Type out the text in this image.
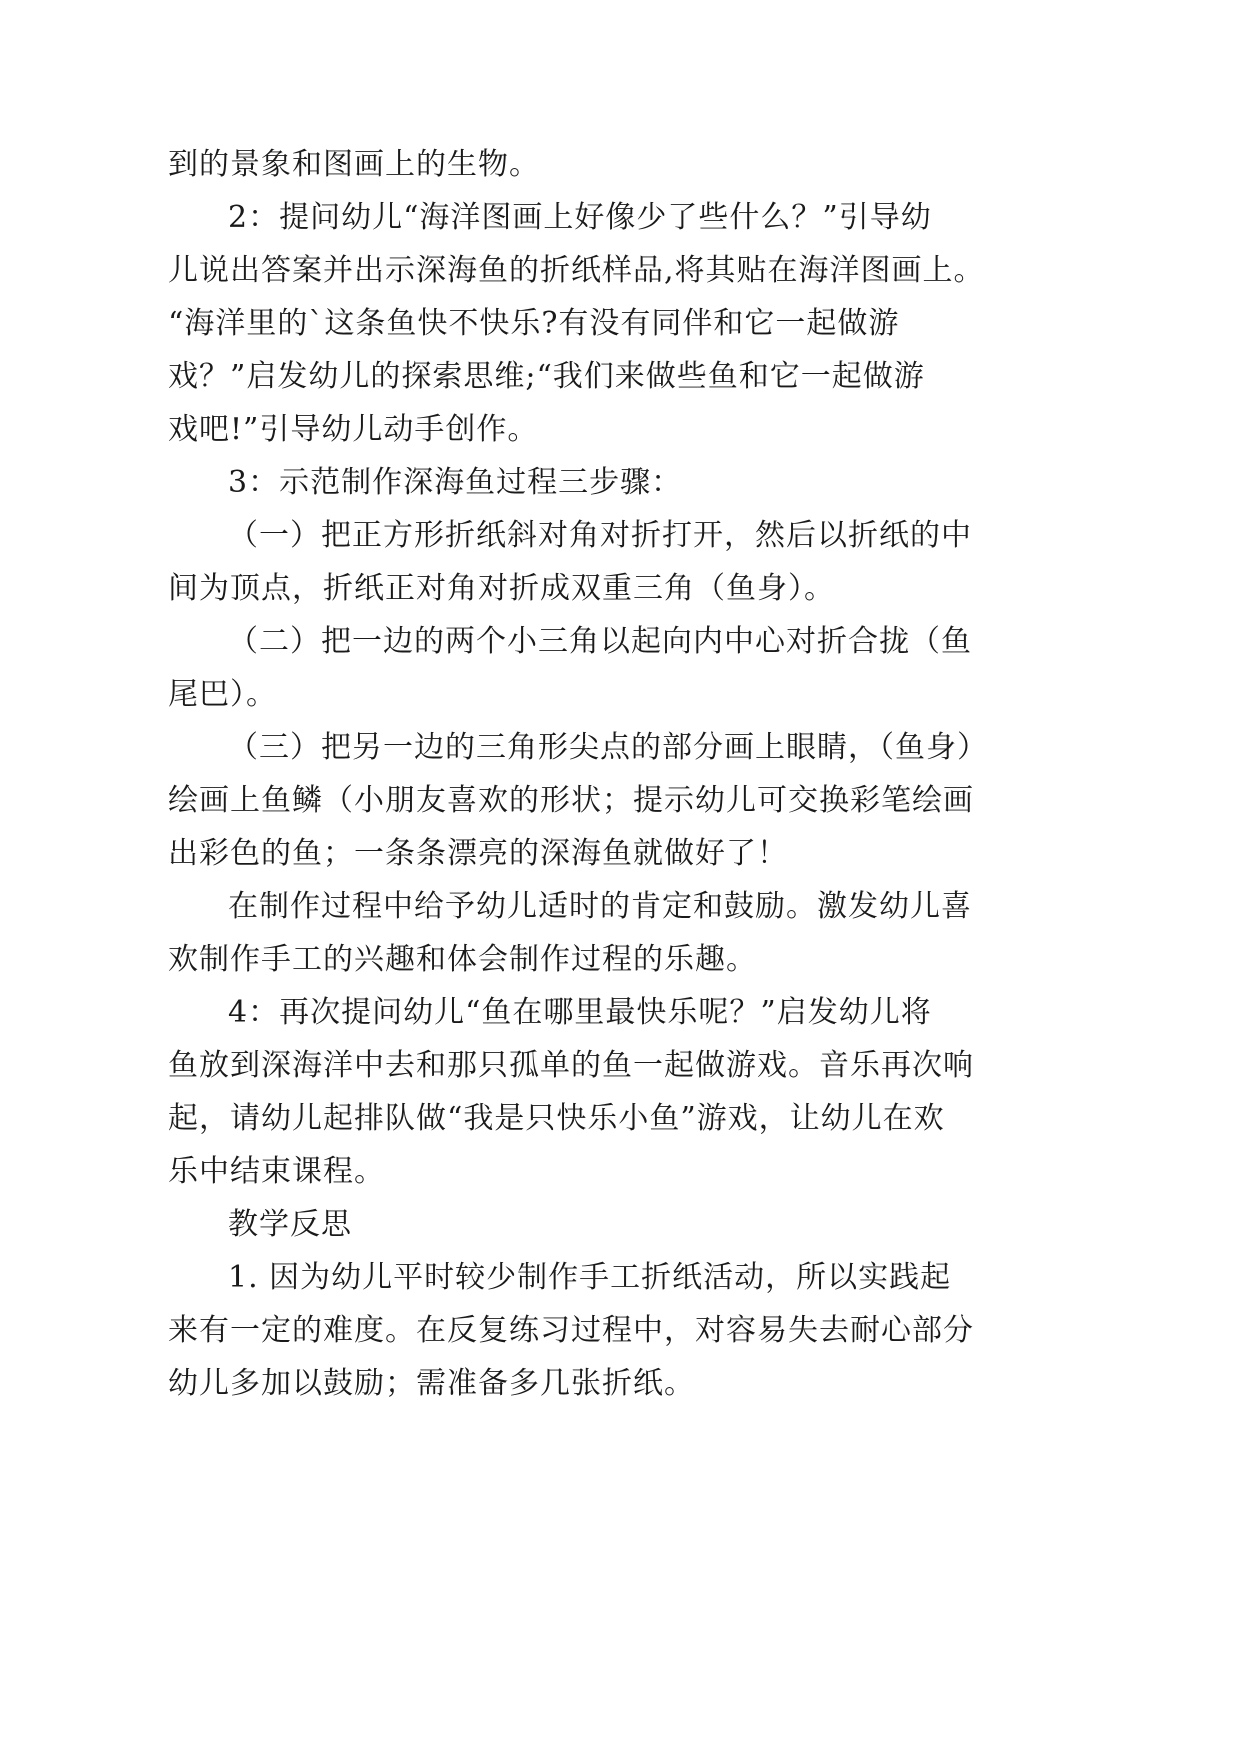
到的景象和图画上的生物。

2：提问幼儿“海洋图画上好像少了些什么？”引导幼

儿说出答案并出示深海鱼的折纸样品,将其贴在海洋图画上。

“海洋里的`这条鱼快不快乐?有没有同伴和它一起做游

戏？”启发幼儿的探索思维;“我们来做些鱼和它一起做游

戏吧!”引导幼儿动手创作。

3：示范制作深海鱼过程三步骤：

（一）把正方形折纸斜对角对折打开，然后以折纸的中

间为顶点，折纸正对角对折成双重三角（鱼身）。

（二）把一边的两个小三角以起向内中心对折合拢（鱼

尾巴）。

（三）把另一边的三角形尖点的部分画上眼睛，（鱼身）

绘画上鱼鳞（小朋友喜欢的形状；提示幼儿可交换彩笔绘画

出彩色的鱼；一条条漂亮的深海鱼就做好了！

在制作过程中给予幼儿适时的肯定和鼓励。激发幼儿喜

欢制作手工的兴趣和体会制作过程的乐趣。

4：再次提问幼儿“鱼在哪里最快乐呢？”启发幼儿将

鱼放到深海洋中去和那只孤单的鱼一起做游戏。音乐再次响

起，请幼儿起排队做“我是只快乐小鱼”游戏，让幼儿在欢

乐中结束课程。

教学反思

1. 因为幼儿平时较少制作手工折纸活动，所以实践起

来有一定的难度。在反复练习过程中，对容易失去耐心部分

幼儿多加以鼓励；需准备多几张折纸。
